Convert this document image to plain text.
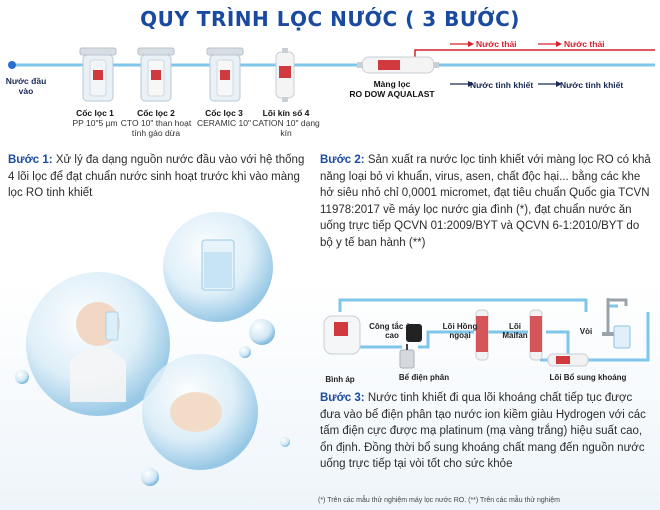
QUY TRÌNH LỌC NƯỚC ( 3 BƯỚC)
Nước đầu vào
Cốc lọc 1
PP 10"5 µm
Cốc lọc 2
CTO 10" than hoạt tính gáo dừa
Cốc lọc 3
CERAMIC 10"
Lõi kín số 4
CATION 10" dạng kín
Màng lọc
RO DOW AQUALAST
Nước thải	Nước thải
Nước tinh khiết	Nước tinh khiết
Bước 1: Xử lý đa dạng nguồn nước đầu vào với hệ thống 4 lõi lọc để đạt chuẩn nước sinh hoạt trước khi vào màng lọc RO tinh khiết
Bước 2: Sản xuất ra nước lọc tinh khiết với màng lọc RO có khả năng loại bỏ vi khuẩn, virus, asen, chất độc hại... bằng các khe hở siêu nhỏ chỉ 0,0001 micromet, đạt tiêu chuẩn Quốc gia TCVN 11978:2017 về máy lọc nước gia đình (*), đạt chuẩn nước ăn uống trực tiếp QCVN 01:2009/BYT và QCVN 6-1:2010/BYT do bộ y tế ban hành (**)
Bình áp
Công tắc áp cao
Bể điện phân
Lõi Hồng ngoại
Lõi Maifan	Vòi
Lõi Bổ sung khoáng
Bước 3: Nước tinh khiết đi qua lõi khoáng chất tiếp tục được đưa vào bể điện phân tạo nước ion kiềm giàu Hydrogen với các tấm điện cực được mạ platinum (mạ vàng trắng) hiệu suất cao, ổn định. Đồng thời bổ sung khoáng chất mang đến nguồn nước uống trực tiếp tại vòi tốt cho sức khỏe
(*) Trên các mẫu thử nghiệm máy lọc nước RO. (**) Trên các mẫu thử nghiệm
